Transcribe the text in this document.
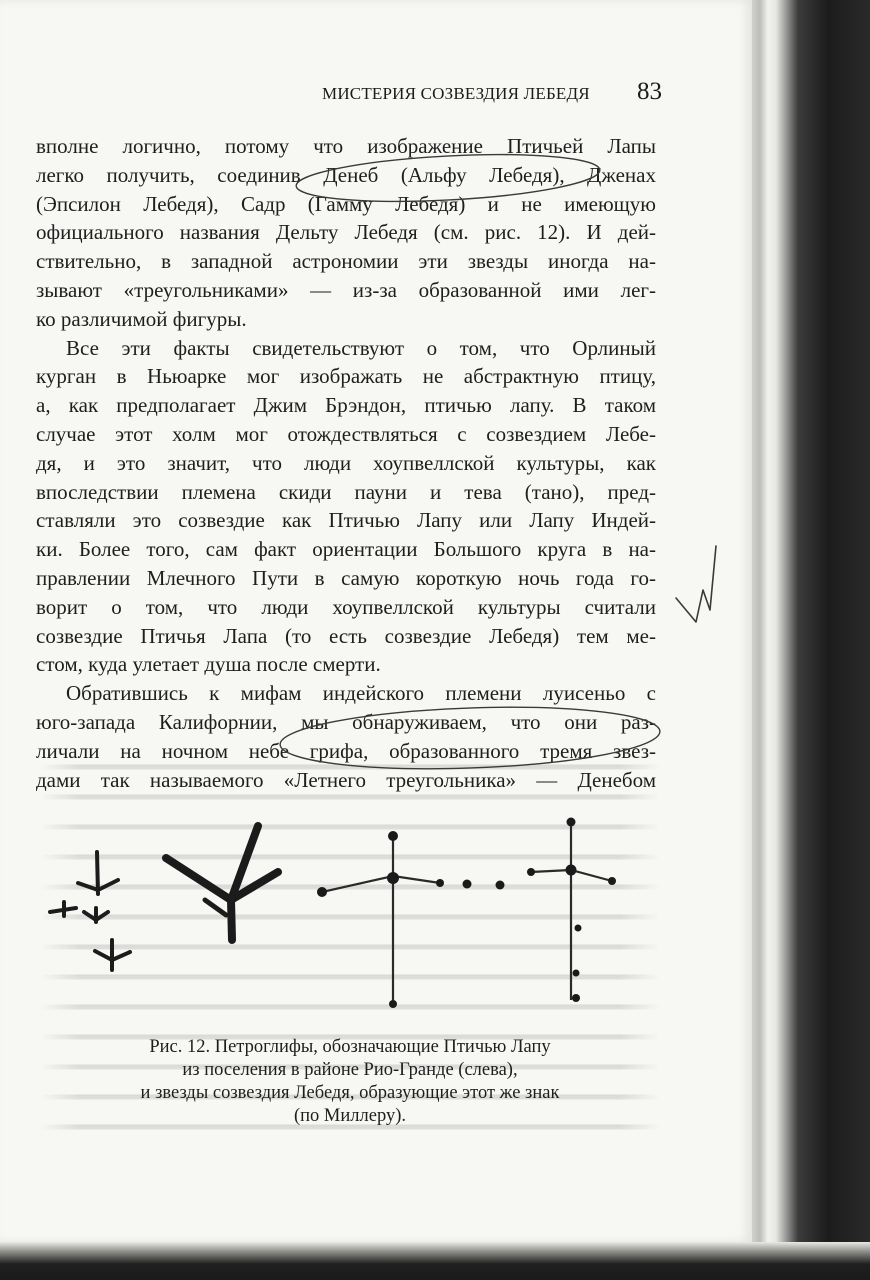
МИСТЕРИЯ СОЗВЕЗДИЯ ЛЕБЕДЯ 83
вполне логично, потому что изображение Птичьей Лапы
легко получить, соединив Денеб (Альфу Лебедя), Дженах
(Эпсилон Лебедя), Садр (Гамму Лебедя) и не имеющую
официального названия Дельту Лебедя (см. рис. 12). И дей-
ствительно, в западной астрономии эти звезды иногда на-
зывают «треугольниками» — из-за образованной ими лег-
ко различимой фигуры.
Все эти факты свидетельствуют о том, что Орлиный
курган в Ньюарке мог изображать не абстрактную птицу,
а, как предполагает Джим Брэндон, птичью лапу. В таком
случае этот холм мог отождествляться с созвездием Лебе-
дя, и это значит, что люди хоупвеллской культуры, как
впоследствии племена скиди пауни и тева (тано), пред-
ставляли это созвездие как Птичью Лапу или Лапу Индей-
ки. Более того, сам факт ориентации Большого круга в на-
правлении Млечного Пути в самую короткую ночь года го-
ворит о том, что люди хоупвеллской культуры считали
созвездие Птичья Лапа (то есть созвездие Лебедя) тем ме-
стом, куда улетает душа после смерти.
Обратившись к мифам индейского племени луисеньо с
юго-запада Калифорнии, мы обнаруживаем, что они раз-
личали на ночном небе грифа, образованного тремя звез-
дами так называемого «Летнего треугольника» — Денебом
Рис. 12. Петроглифы, обозначающие Птичью Лапу
из поселения в районе Рио-Гранде (слева),
и звезды созвездия Лебедя, образующие этот же знак
(по Миллеру).
